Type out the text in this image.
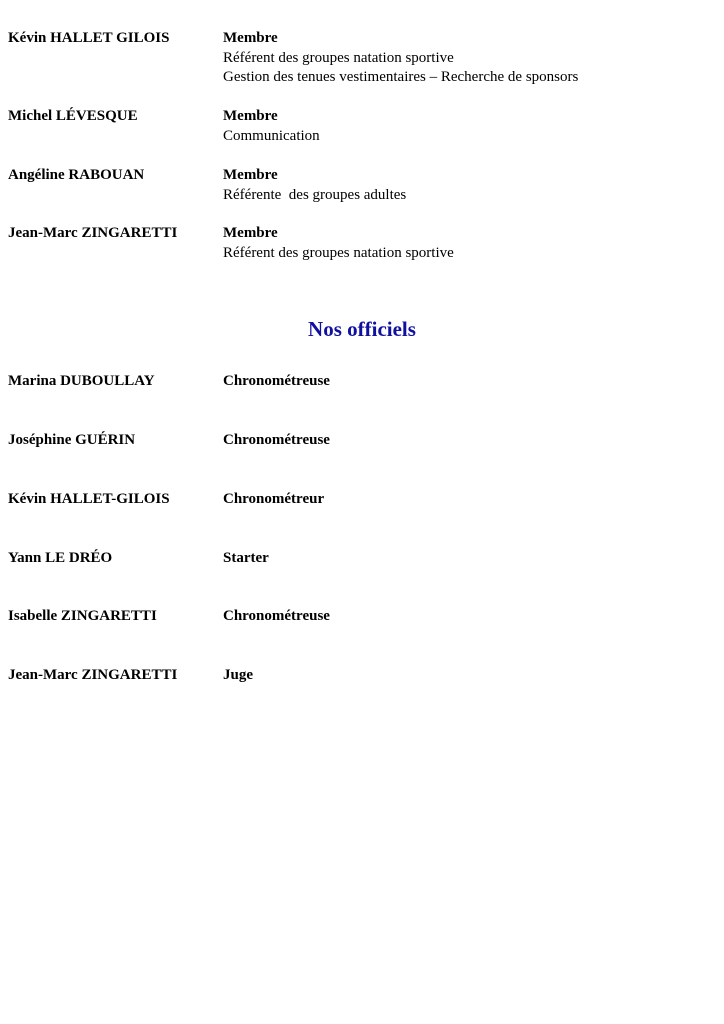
Kévin HALLET GILOIS	Membre
Référent des groupes natation sportive
Gestion des tenues vestimentaires – Recherche de sponsors
Michel LÉVESQUE	Membre
Communication
Angéline RABOUAN	Membre
Référente  des groupes adultes
Jean-Marc ZINGARETTI	Membre
Référent des groupes natation sportive
Nos officiels
Marina DUBOULLAY	Chronométreuse
Joséphine GUÉRIN	Chronométreuse
Kévin HALLET-GILOIS	Chronométreur
Yann LE DRÉO	Starter
Isabelle ZINGARETTI	Chronométreuse
Jean-Marc ZINGARETTI	Juge
